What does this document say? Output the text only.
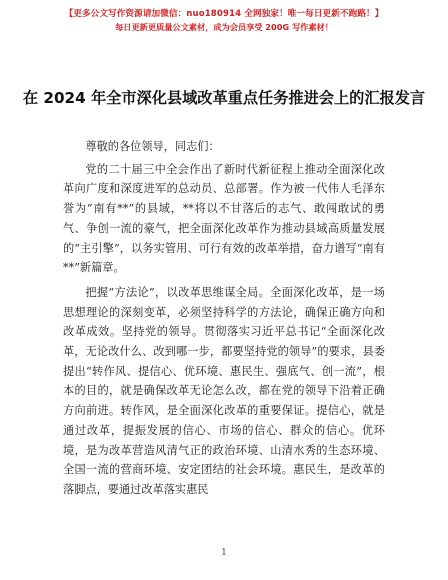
【更多公文写作资源请加微信：nuo180914 全网独家！唯一每日更新不跑路！】
每日更新更质量公文素材，成为会员享受 200G 写作素材！
在 2024 年全市深化县域改革重点任务推进会上的汇报发言

尊敬的各位领导，同志们：

党的二十届三中全会作出了新时代新征程上推动全面深化改革向广度和深度进军的总动员、总部署。作为被一代伟人毛泽东誉为“南有**”的县域，**将以不甘落后的志气、敢闯敢试的勇气、争创一流的豪气，把全面深化改革作为推动县域高质量发展的“主引擎”，以务实管用、可行有效的改革举措，奋力谱写“南有**”新篇章。

把握“方法论”，以改革思维谋全局。全面深化改革，是一场思想理论的深刻变革，必须坚持科学的方法论，确保正确方向和改革成效。坚持党的领导。贯彻落实习近平总书记“全面深化改革，无论改什么、改到哪一步，都要坚持党的领导”的要求，县委提出“转作风、提信心、优环境、惠民生、强底气、创一流”，根本的目的，就是确保改革无论怎么改，都在党的领导下沿着正确方向前进。转作风，是全面深化改革的重要保证。提信心，就是通过改革，提振发展的信心、市场的信心、群众的信心。优环境，是为改革营造风清气正的政治环境、山清水秀的生态环境、全国一流的营商环境、安定团结的社会环境。惠民生，是改革的落脚点，要通过改革落实惠民

1
